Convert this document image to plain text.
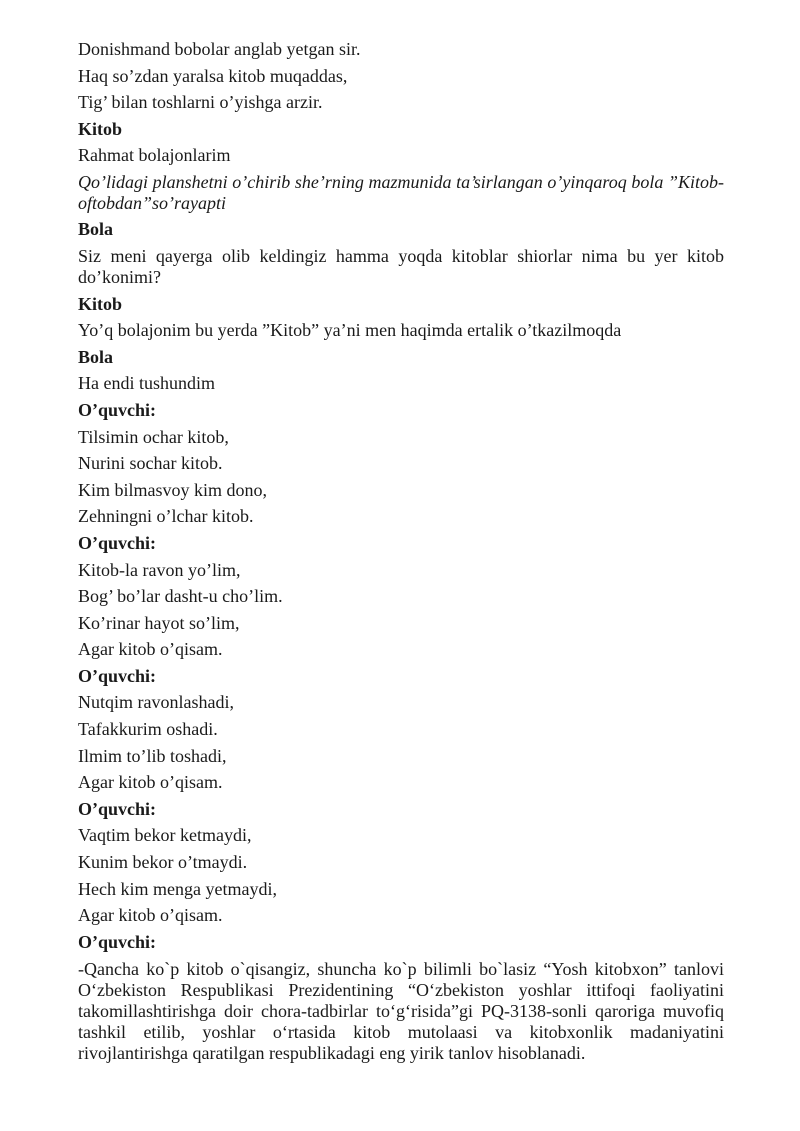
Donishmand bobolar anglab yetgan sir.
Haq so’zdan yaralsa kitob muqaddas,
Tig’ bilan toshlarni o’yishga arzir.
Kitob
Rahmat bolajonlarim
Qo’lidagi planshetni o’chirib she’rning mazmunida ta’sirlangan o’yinqaroq bola ”Kitob-oftobdan”so’rayapti
Bola
Siz meni qayerga olib keldingiz hamma yoqda kitoblar shiorlar nima bu yer kitob do’konimi?
Kitob
Yo’q bolajonim bu yerda ”Kitob” ya’ni men haqimda ertalik o’tkazilmoqda
Bola
Ha endi tushundim
O’quvchi:
Tilsimin ochar kitob,
Nurini sochar kitob.
Kim bilmasvoy kim dono,
Zehningni o’lchar kitob.
O’quvchi:
Kitob-la ravon yo’lim,
Bog’ bo’lar dasht-u cho’lim.
Ko’rinar hayot so’lim,
Agar kitob o’qisam.
O’quvchi:
Nutqim ravonlashadi,
Tafakkurim oshadi.
Ilmim to’lib toshadi,
Agar kitob o’qisam.
O’quvchi:
Vaqtim bekor ketmaydi,
Kunim bekor o’tmaydi.
Hech kim menga yetmaydi,
Agar kitob o’qisam.
O’quvchi:
-Qancha ko`p kitob o`qisangiz, shuncha ko`p bilimli bo`lasiz “Yosh kitobxon” tanlovi O‘zbekiston Respublikasi Prezidentining “O‘zbekiston yoshlar ittifoqi faoliyatini takomillashtirishga doir chora-tadbirlar to‘g‘risida”gi PQ-3138-sonli qaroriga muvofiq tashkil etilib, yoshlar o‘rtasida kitob mutolaasi va kitobxonlik madaniyatini rivojlantirishga qaratilgan respublikadagi eng yirik tanlov hisoblanadi.
